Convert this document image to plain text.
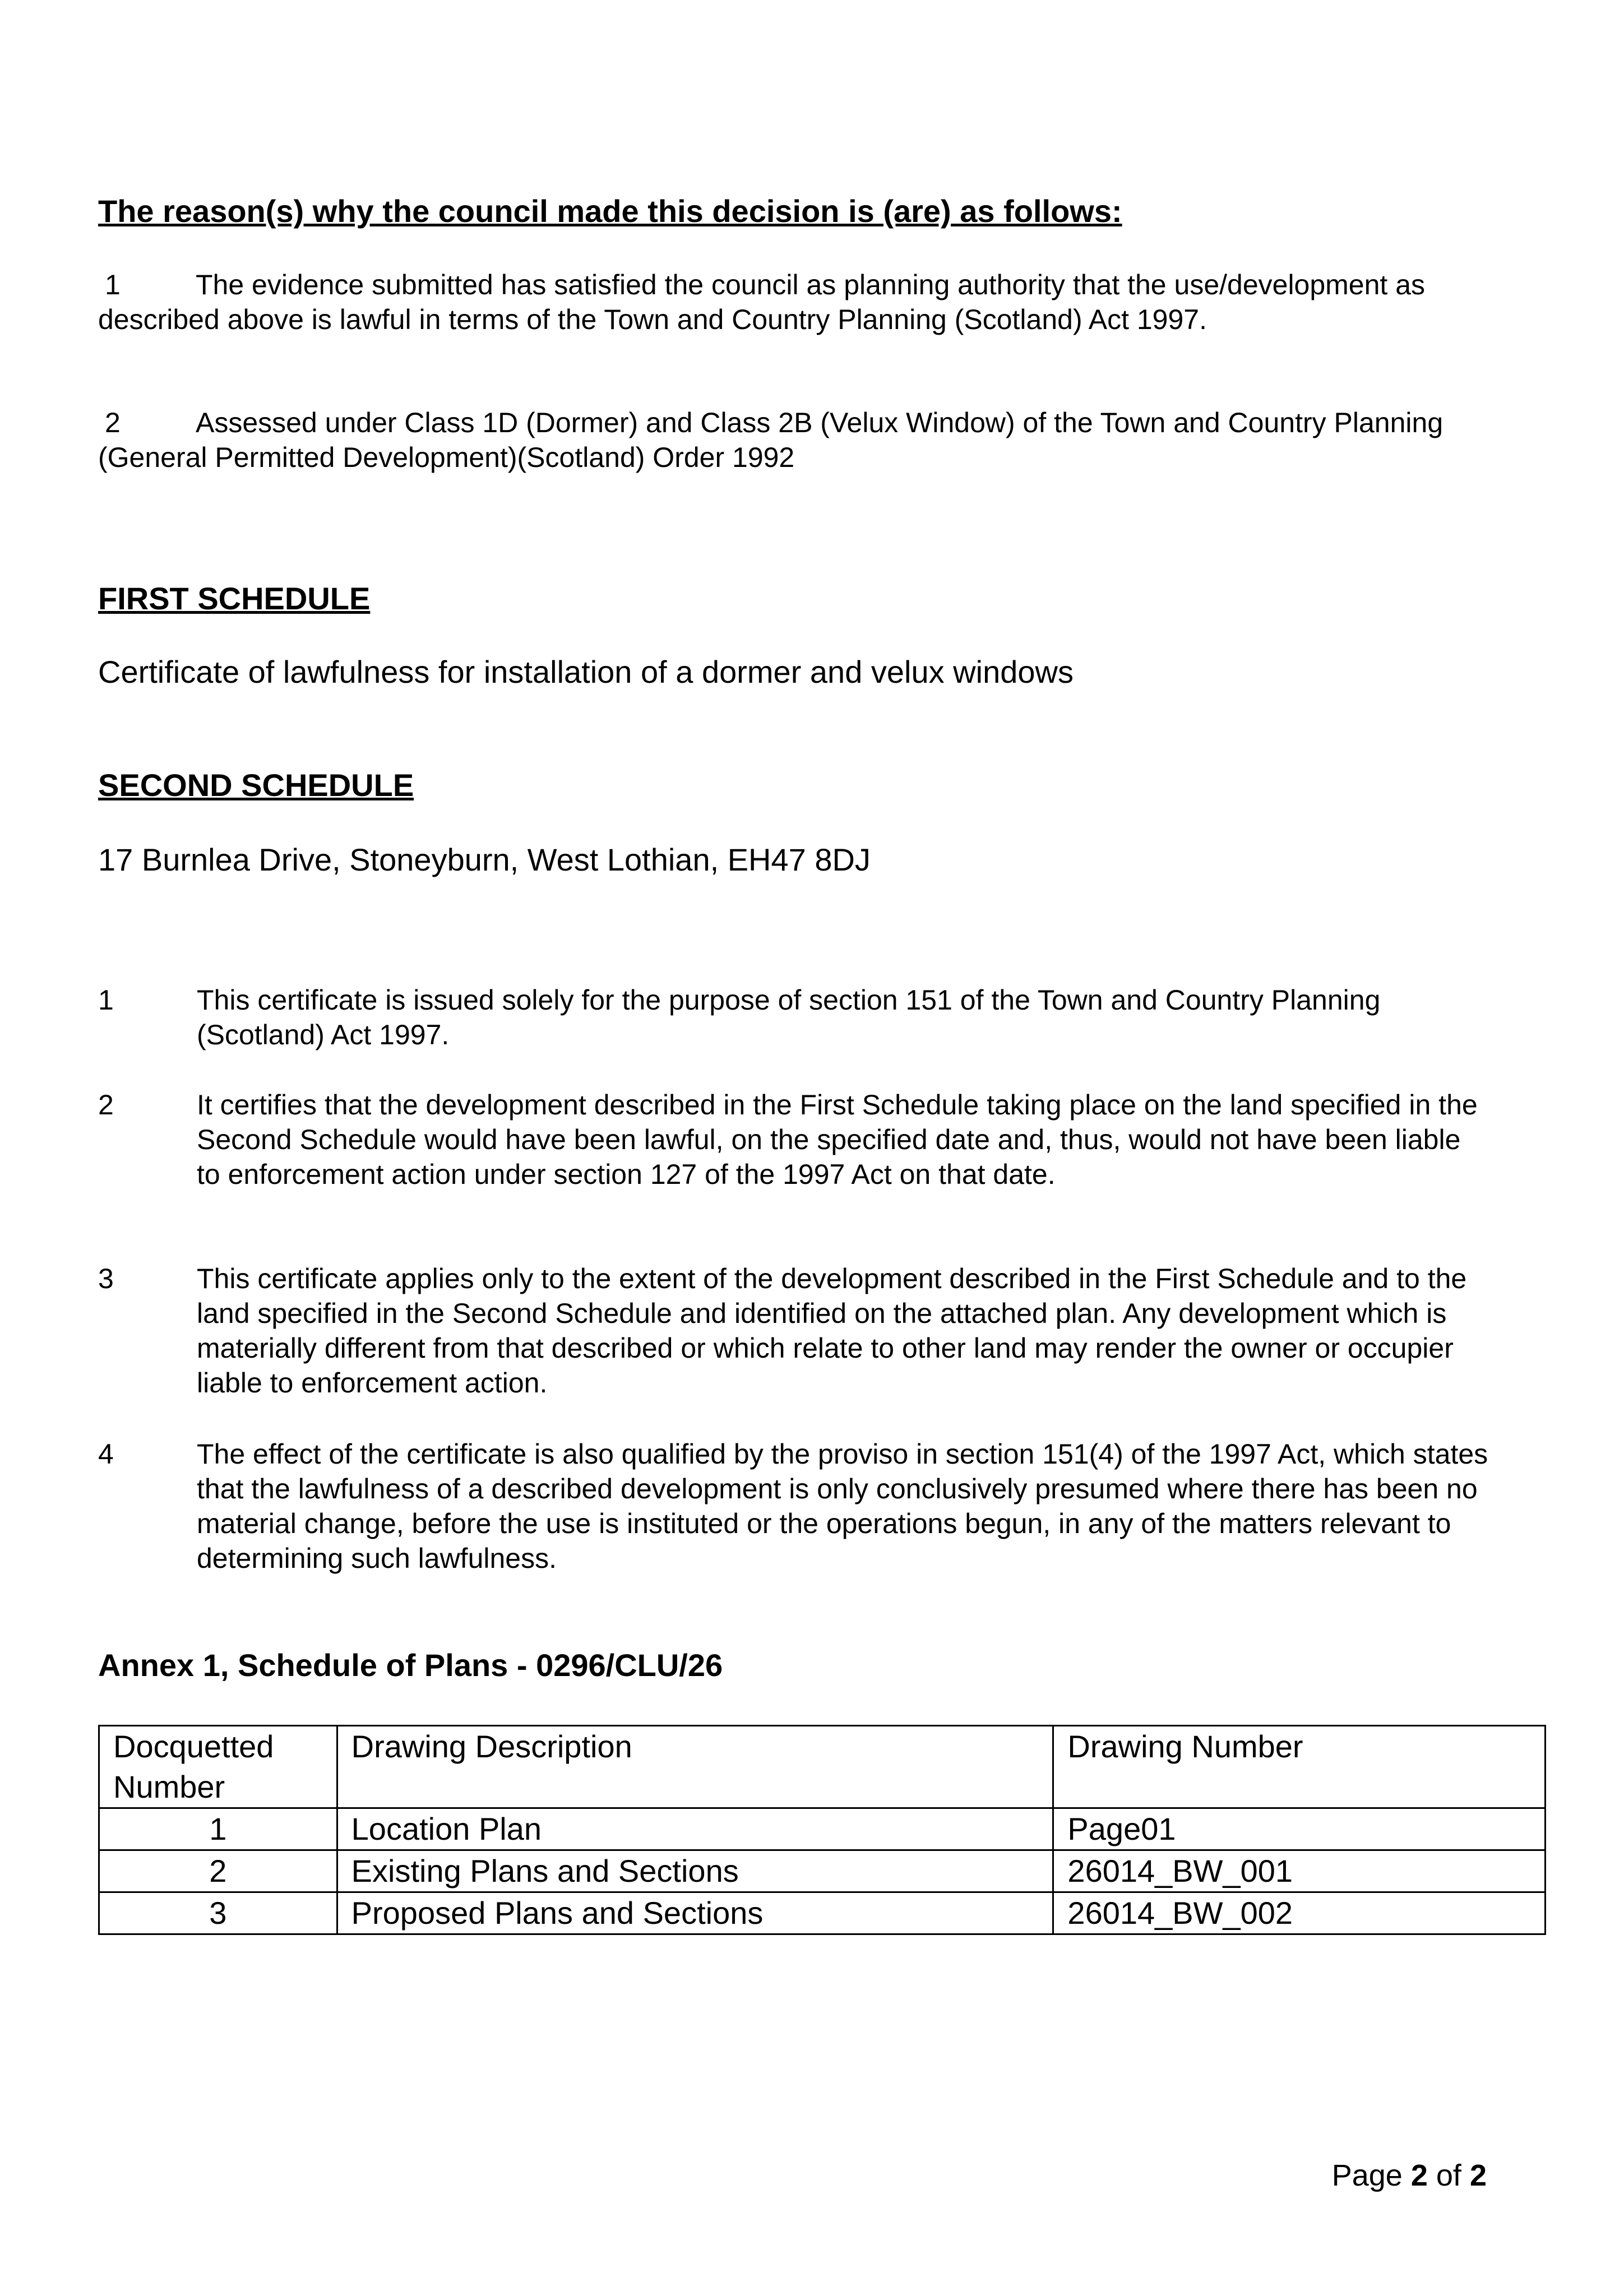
The reason(s) why the council made this decision is (are) as follows:
1	The evidence submitted has satisfied the council as planning authority that the use/development as described above is lawful in terms of the Town and Country Planning (Scotland) Act 1997.
2	Assessed under Class 1D (Dormer) and Class 2B (Velux Window) of the Town and Country Planning (General Permitted Development)(Scotland) Order 1992
FIRST SCHEDULE
Certificate of lawfulness for installation of a dormer and velux windows
SECOND SCHEDULE
17 Burnlea Drive, Stoneyburn, West Lothian, EH47 8DJ
1	This certificate is issued solely for the purpose of section 151 of the Town and Country Planning (Scotland) Act 1997.
2	It certifies that the development described in the First Schedule taking place on the land specified in the Second Schedule would have been lawful, on the specified date and, thus, would not have been liable to enforcement action under section 127 of the 1997 Act on that date.
3	This certificate applies only to the extent of the development described in the First Schedule and to the land specified in the Second Schedule and identified on the attached plan. Any development which is materially different from that described or which relate to other land may render the owner or occupier liable to enforcement action.
4	The effect of the certificate is also qualified by the proviso in section 151(4) of the 1997 Act, which states that the lawfulness of a described development is only conclusively presumed where there has been no material change, before the use is instituted or the operations begun, in any of the matters relevant to determining such lawfulness.
Annex 1, Schedule of Plans - 0296/CLU/26
Docquetted Number	Drawing Description	Drawing Number
1	Location Plan	Page01
2	Existing Plans and Sections	26014_BW_001
3	Proposed Plans and Sections	26014_BW_002
Page 2 of 2
